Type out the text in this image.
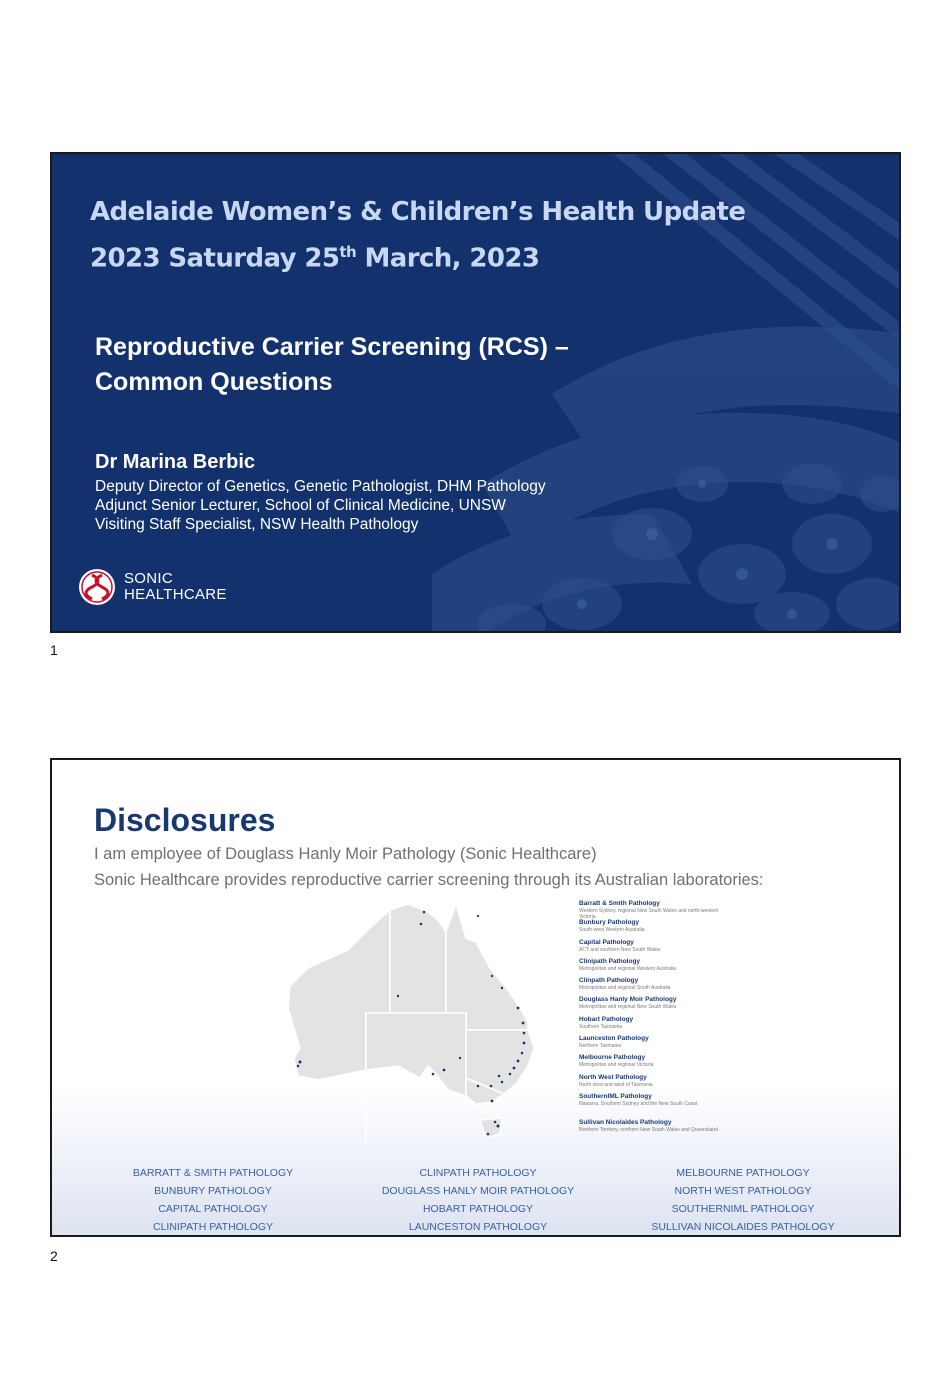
Adelaide Women’s & Children’s Health Update
2023 Saturday 25th March, 2023
Reproductive Carrier Screening (RCS) –
Common Questions
Dr Marina Berbic
Deputy Director of Genetics, Genetic Pathologist, DHM Pathology
Adjunct Senior Lecturer, School of Clinical Medicine, UNSW
Visiting Staff Specialist, NSW Health Pathology
SONIC
HEALTHCARE
1
Disclosures
I am employee of Douglass Hanly Moir Pathology (Sonic Healthcare)
Sonic Healthcare provides reproductive carrier screening through its Australian laboratories:
Barratt & Smith Pathology
Western Sydney, regional New South Wales and north-western Victoria
Bunbury Pathology
South-west Western Australia
Capital Pathology
ACT and southern New South Wales
Clinipath Pathology
Metropolitan and regional Western Australia
Clinpath Pathology
Metropolitan and regional South Australia
Douglass Hanly Moir Pathology
Metropolitan and regional New South Wales
Hobart Pathology
Southern Tasmania
Launceston Pathology
Northern Tasmania
Melbourne Pathology
Metropolitan and regional Victoria
North West Pathology
North west and west of Tasmania
SouthernIML Pathology
Illawarra, Southern Sydney and the New South Coast
Sullivan Nicolaides Pathology
Northern Territory, northern New South Wales and Queensland
BARRATT & SMITH PATHOLOGY
BUNBURY PATHOLOGY
CAPITAL PATHOLOGY
CLINIPATH PATHOLOGY
CLINPATH PATHOLOGY
DOUGLASS HANLY MOIR PATHOLOGY
HOBART PATHOLOGY
LAUNCESTON PATHOLOGY
MELBOURNE PATHOLOGY
NORTH WEST PATHOLOGY
SOUTHERNIML PATHOLOGY
SULLIVAN NICOLAIDES PATHOLOGY
2
